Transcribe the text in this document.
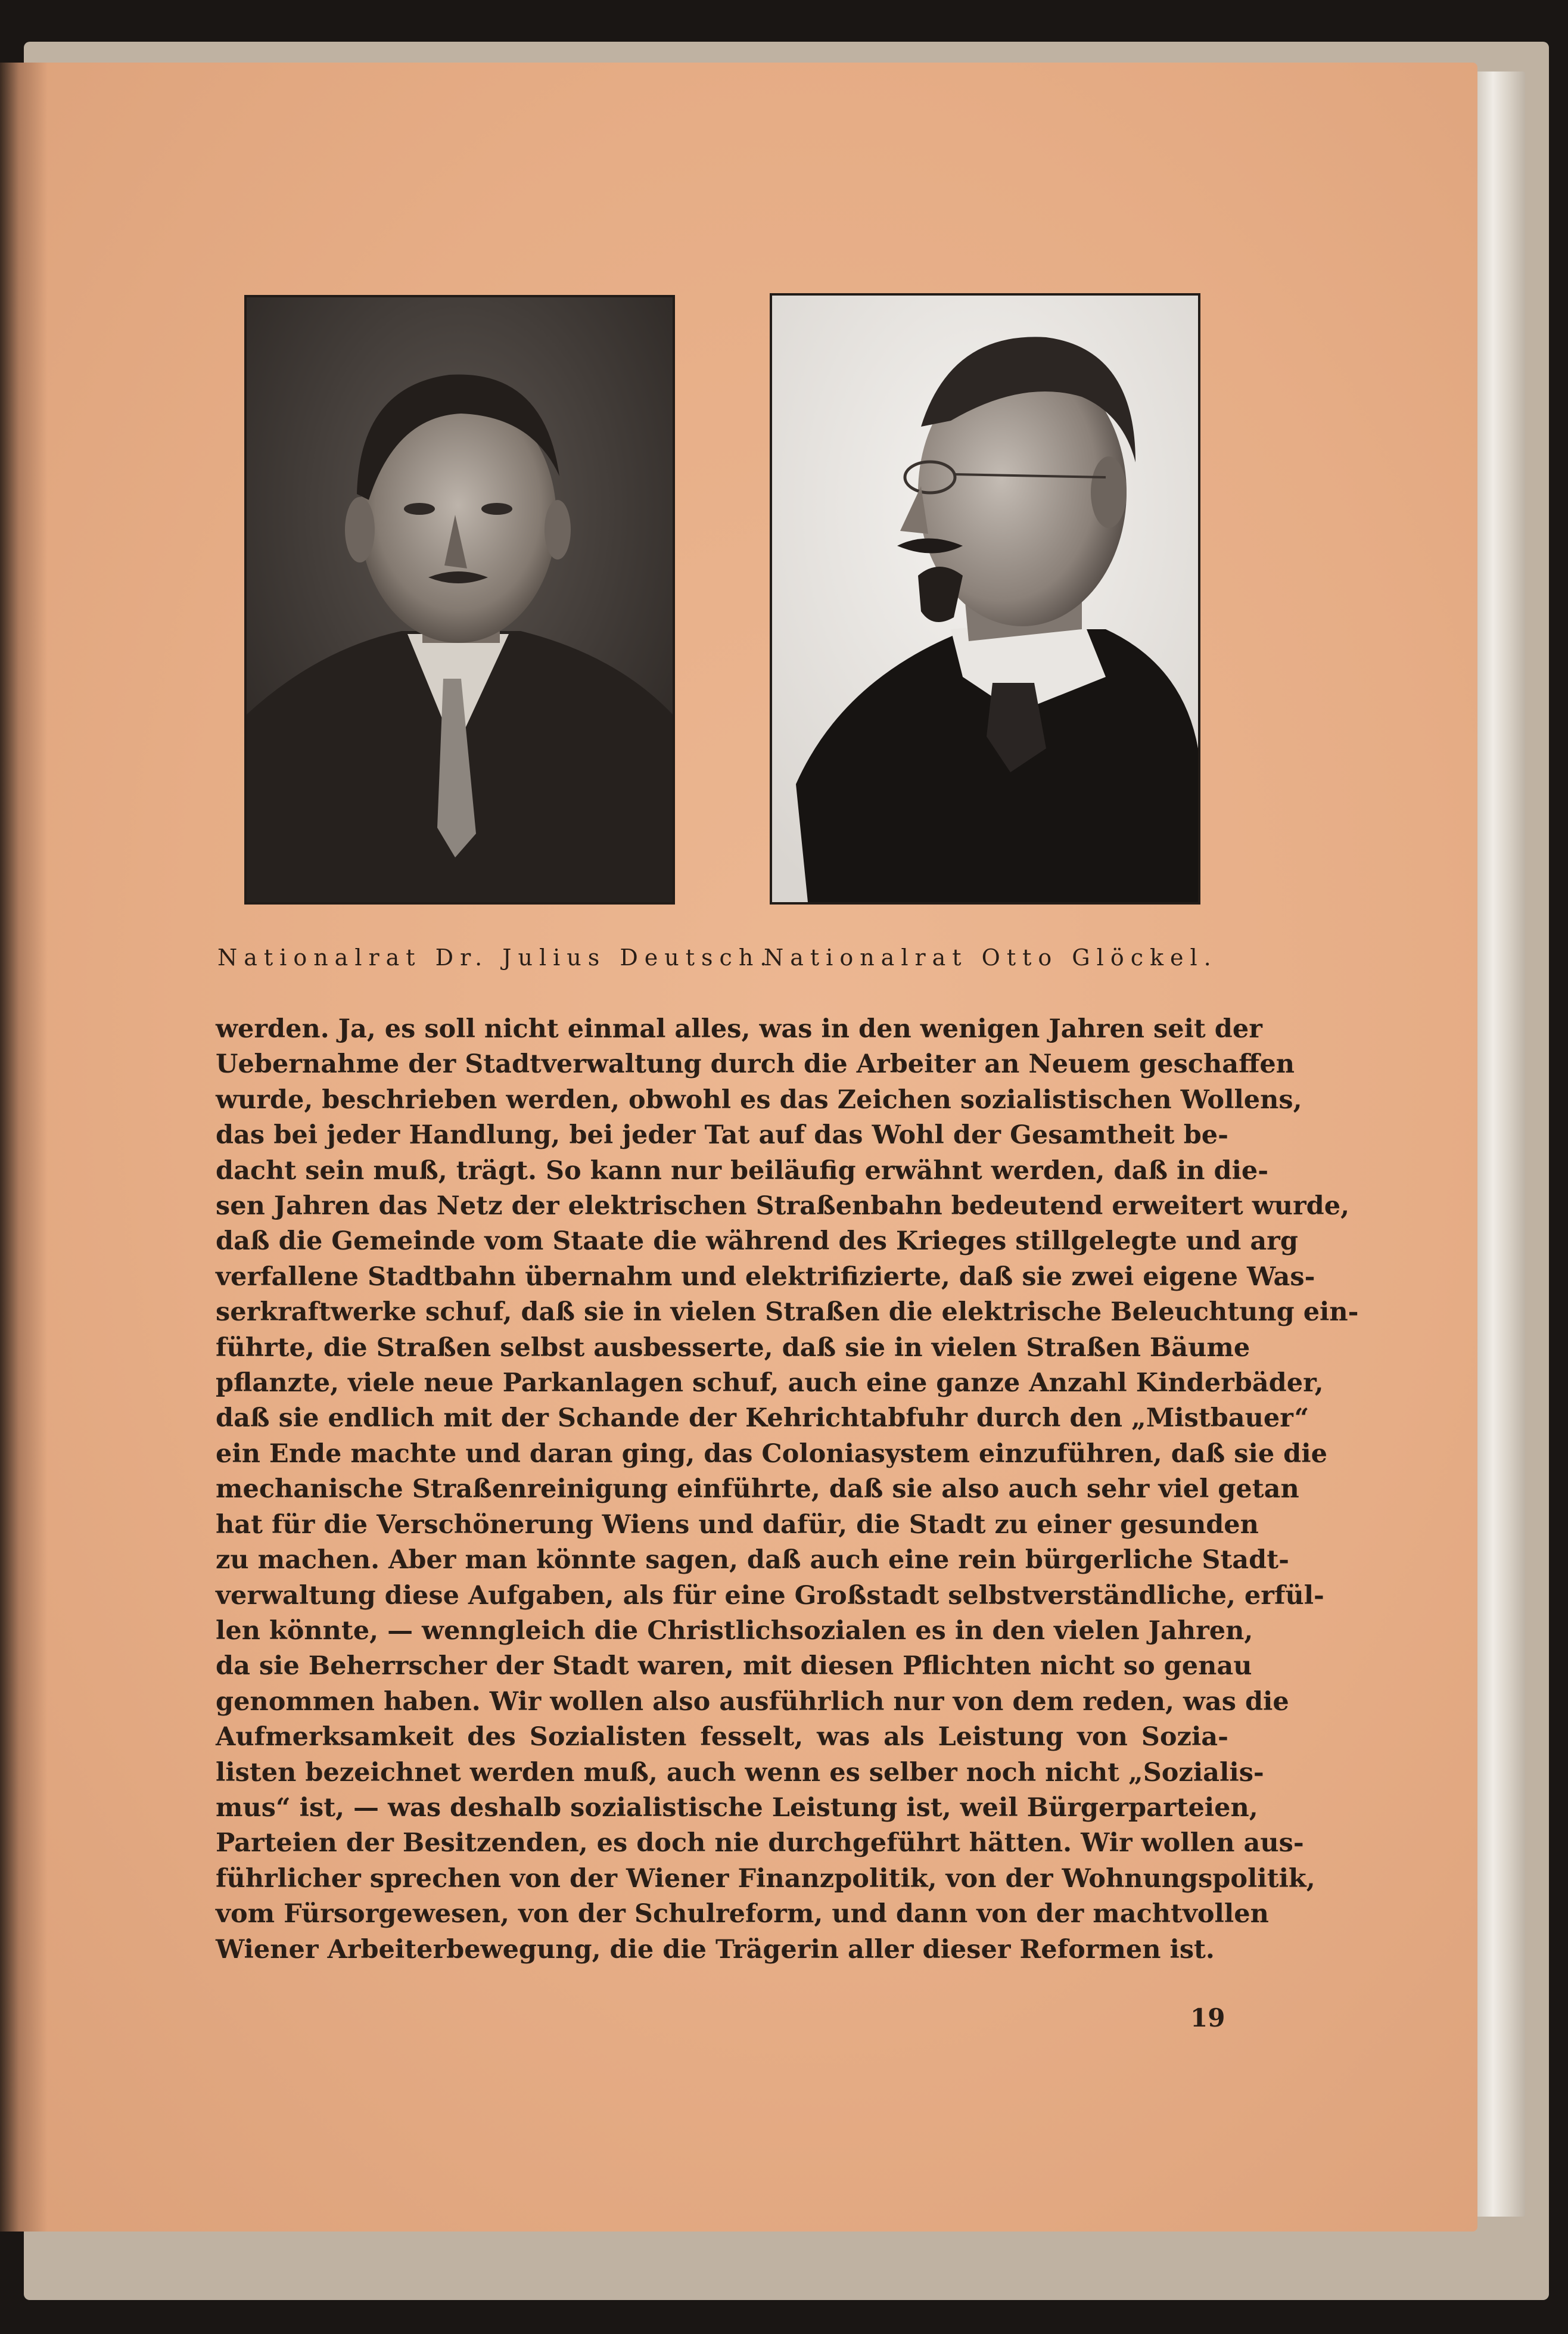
Nationalrat Dr. Julius Deutsch.
Nationalrat Otto Glöckel.
werden. Ja, es soll nicht einmal alles, was in den wenigen Jahren seit der
Uebernahme der Stadtverwaltung durch die Arbeiter an Neuem geschaffen
wurde, beschrieben werden, obwohl es das Zeichen sozialistischen Wollens,
das bei jeder Handlung, bei jeder Tat auf das Wohl der Gesamtheit be-
dacht sein muß, trägt. So kann nur beiläufig erwähnt werden, daß in die-
sen Jahren das Netz der elektrischen Straßenbahn bedeutend erweitert wurde,
daß die Gemeinde vom Staate die während des Krieges stillgelegte und arg
verfallene Stadtbahn übernahm und elektrifizierte, daß sie zwei eigene Was-
serkraftwerke schuf, daß sie in vielen Straßen die elektrische Beleuchtung ein-
führte, die Straßen selbst ausbesserte, daß sie in vielen Straßen Bäume
pflanzte, viele neue Parkanlagen schuf, auch eine ganze Anzahl Kinderbäder,
daß sie endlich mit der Schande der Kehrichtabfuhr durch den „Mistbauer“
ein Ende machte und daran ging, das Coloniasystem einzuführen, daß sie die
mechanische Straßenreinigung einführte, daß sie also auch sehr viel getan
hat für die Verschönerung Wiens und dafür, die Stadt zu einer gesunden
zu machen. Aber man könnte sagen, daß auch eine rein bürgerliche Stadt-
verwaltung diese Aufgaben, als für eine Großstadt selbstverständliche, erfül-
len könnte, — wenngleich die Christlichsozialen es in den vielen Jahren,
da sie Beherrscher der Stadt waren, mit diesen Pflichten nicht so genau
genommen haben. Wir wollen also ausführlich nur von dem reden, was die
Aufmerksamkeit des Sozialisten fesselt, was als Leistung von Sozia-
listen bezeichnet werden muß, auch wenn es selber noch nicht „Sozialis-
mus“ ist, — was deshalb sozialistische Leistung ist, weil Bürgerparteien,
Parteien der Besitzenden, es doch nie durchgeführt hätten. Wir wollen aus-
führlicher sprechen von der Wiener Finanzpolitik, von der Wohnungspolitik,
vom Fürsorgewesen, von der Schulreform, und dann von der machtvollen
Wiener Arbeiterbewegung, die die Trägerin aller dieser Reformen ist.
19
